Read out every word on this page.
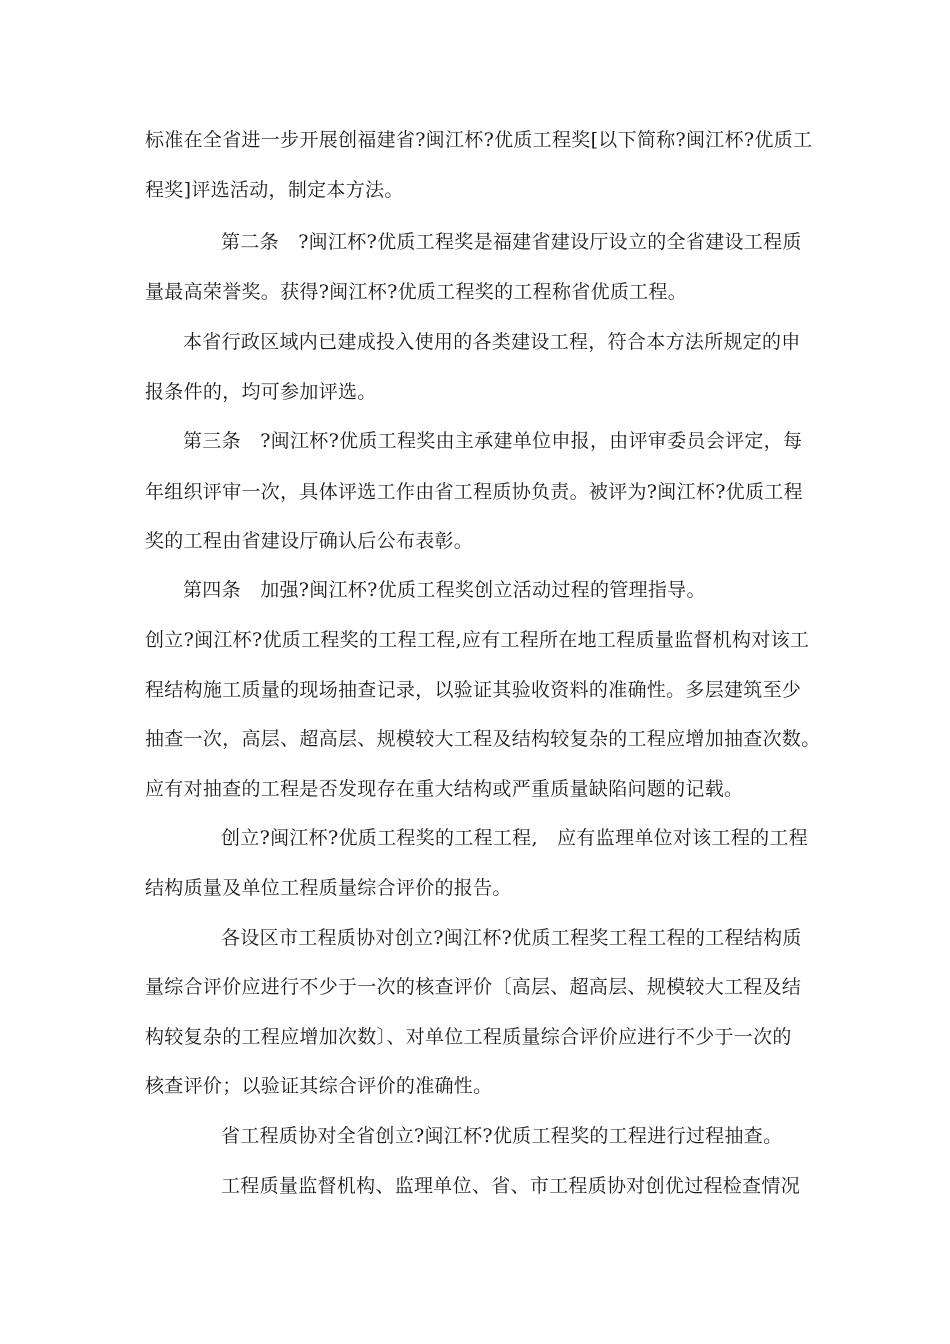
标准在全省进一步开展创福建省?闽江杯?优质工程奖[以下简称?闽江杯?优质工
程奖]评选活动，制定本方法。
第二条　?闽江杯?优质工程奖是福建省建设厅设立的全省建设工程质
量最高荣誉奖。获得?闽江杯?优质工程奖的工程称省优质工程。
本省行政区域内已建成投入使用的各类建设工程，符合本方法所规定的申
报条件的，均可参加评选。
第三条　?闽江杯?优质工程奖由主承建单位申报，由评审委员会评定，每
年组织评审一次，具体评选工作由省工程质协负责。被评为?闽江杯?优质工程
奖的工程由省建设厅确认后公布表彰。
第四条　加强?闽江杯?优质工程奖创立活动过程的管理指导。
创立?闽江杯?优质工程奖的工程工程,应有工程所在地工程质量监督机构对该工
程结构施工质量的现场抽查记录，以验证其验收资料的准确性。多层建筑至少
抽查一次，高层、超高层、规模较大工程及结构较复杂的工程应增加抽查次数。
应有对抽查的工程是否发现存在重大结构或严重质量缺陷问题的记载。
创立?闽江杯?优质工程奖的工程工程,　应有监理单位对该工程的工程
结构质量及单位工程质量综合评价的报告。
各设区市工程质协对创立?闽江杯?优质工程奖工程工程的工程结构质
量综合评价应进行不少于一次的核查评价〔高层、超高层、规模较大工程及结
构较复杂的工程应增加次数〕、对单位工程质量综合评价应进行不少于一次的
核查评价；以验证其综合评价的准确性。
省工程质协对全省创立?闽江杯?优质工程奖的工程进行过程抽查。
工程质量监督机构、监理单位、省、市工程质协对创优过程检查情况
